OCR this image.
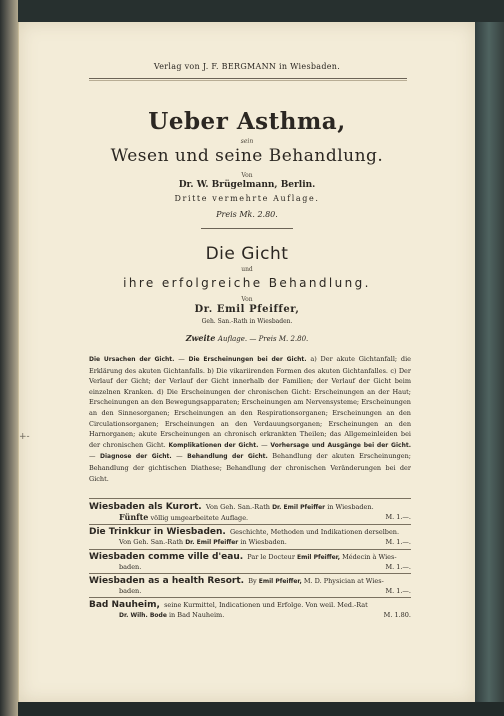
Verlag von J. F. BERGMANN in Wiesbaden.
Ueber Asthma,
sein
Wesen und seine Behandlung.
Von
Dr. W. Brügelmann, Berlin.
Dritte vermehrte Auflage.
Preis Mk. 2.80.
Die Gicht
und
ihre erfolgreiche Behandlung.
Von
Dr. Emil Pfeiffer,
Geh. San.-Rath in Wiesbaden.
Zweite Auflage. — Preis M. 2.80.

Die Ursachen der Gicht. — Die Erscheinungen bei der Gicht. a) Der akute Gichtanfall; die Erklärung des akuten Gichtanfalls. b) Die vikariirenden Formen des akuten Gichtanfalles. c) Der Verlauf der Gicht; der Verlauf der Gicht innerhalb der Familien; der Verlauf der Gicht beim einzelnen Kranken. d) Die Erscheinungen der chronischen Gicht: Erscheinungen an der Haut; Erscheinungen an den Bewegungsapparaten; Erscheinungen am Nervensysteme; Erscheinungen an den Sinnesorganen; Erscheinungen an den Respirationsorganen; Erscheinungen an den Circulationsorganen; Erscheinungen an den Verdauungsorganen; Erscheinungen an den Harnorganen; akute Erscheinungen an chronisch erkrankten Theilen; das Allgemeinleiden bei der chronischen Gicht. Komplikationen der Gicht. — Vorhersage und Ausgänge bei der Gicht. — Diagnose der Gicht. — Behandlung der Gicht. Behandlung der akuten Erscheinungen; Behandlung der gichtischen Diathese; Behandlung der chronischen Veränderungen bei der Gicht.

Wiesbaden als Kurort. Von Geh. San.-Rath Dr. Emil Pfeiffer in Wiesbaden.
Fünfte völlig umgearbeitete Auflage.	M. 1.—.
Die Trinkkur in Wiesbaden. Geschichte, Methoden und Indikationen derselben.
Von Geh. San.-Rath Dr. Emil Pfeiffer in Wiesbaden.	M. 1.—.
Wiesbaden comme ville d'eau. Par le Docteur Emil Pfeiffer, Médecin à Wies-
baden.	M. 1.—.
Wiesbaden as a health Resort. By Emil Pfeiffer, M. D. Physician at Wies-
baden.	M. 1.—.
Bad Nauheim, seine Kurmittel, Indicationen und Erfolge. Von weil. Med.-Rat
Dr. Wilh. Bode in Bad Nauheim.	M. 1.80.
+-
